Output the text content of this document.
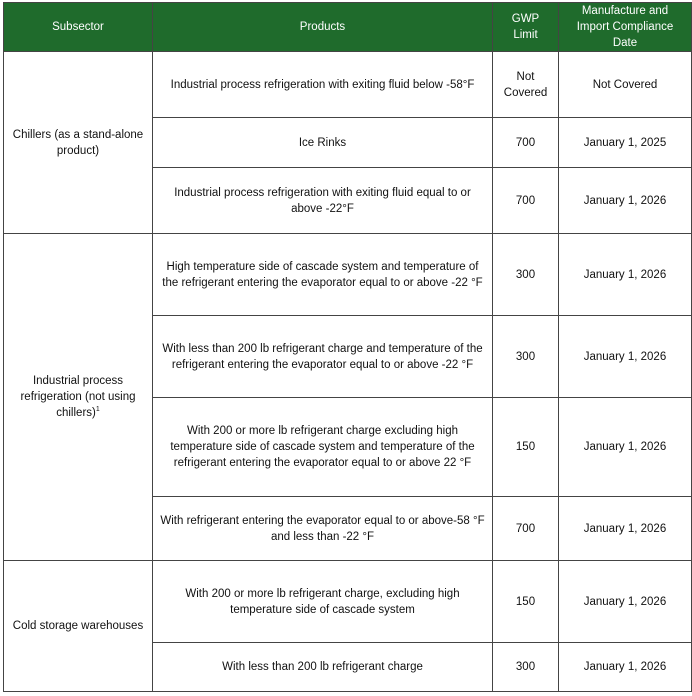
Subsector	Products	GWP Limit	Manufacture and Import Compliance Date
Chillers (as a stand-alone product)	Industrial process refrigeration with exiting fluid below -58°F	Not Covered	Not Covered
	Ice Rinks	700	January 1, 2025
	Industrial process refrigeration with exiting fluid equal to or above -22°F	700	January 1, 2026
Industrial process refrigeration (not using chillers)$^1$	High temperature side of cascade system and temperature of the refrigerant entering the evaporator equal to or above -22 °F	300	January 1, 2026
	With less than 200 lb refrigerant charge and temperature of the refrigerant entering the evaporator equal to or above -22 °F	300	January 1, 2026
	With 200 or more lb refrigerant charge excluding high temperature side of cascade system and temperature of the refrigerant entering the evaporator equal to or above 22 °F	150	January 1, 2026
	With refrigerant entering the evaporator equal to or above-58 °F and less than -22 °F	700	January 1, 2026
Cold storage warehouses	With 200 or more lb refrigerant charge, excluding high temperature side of cascade system	150	January 1, 2026
	With less than 200 lb refrigerant charge	300	January 1, 2026
